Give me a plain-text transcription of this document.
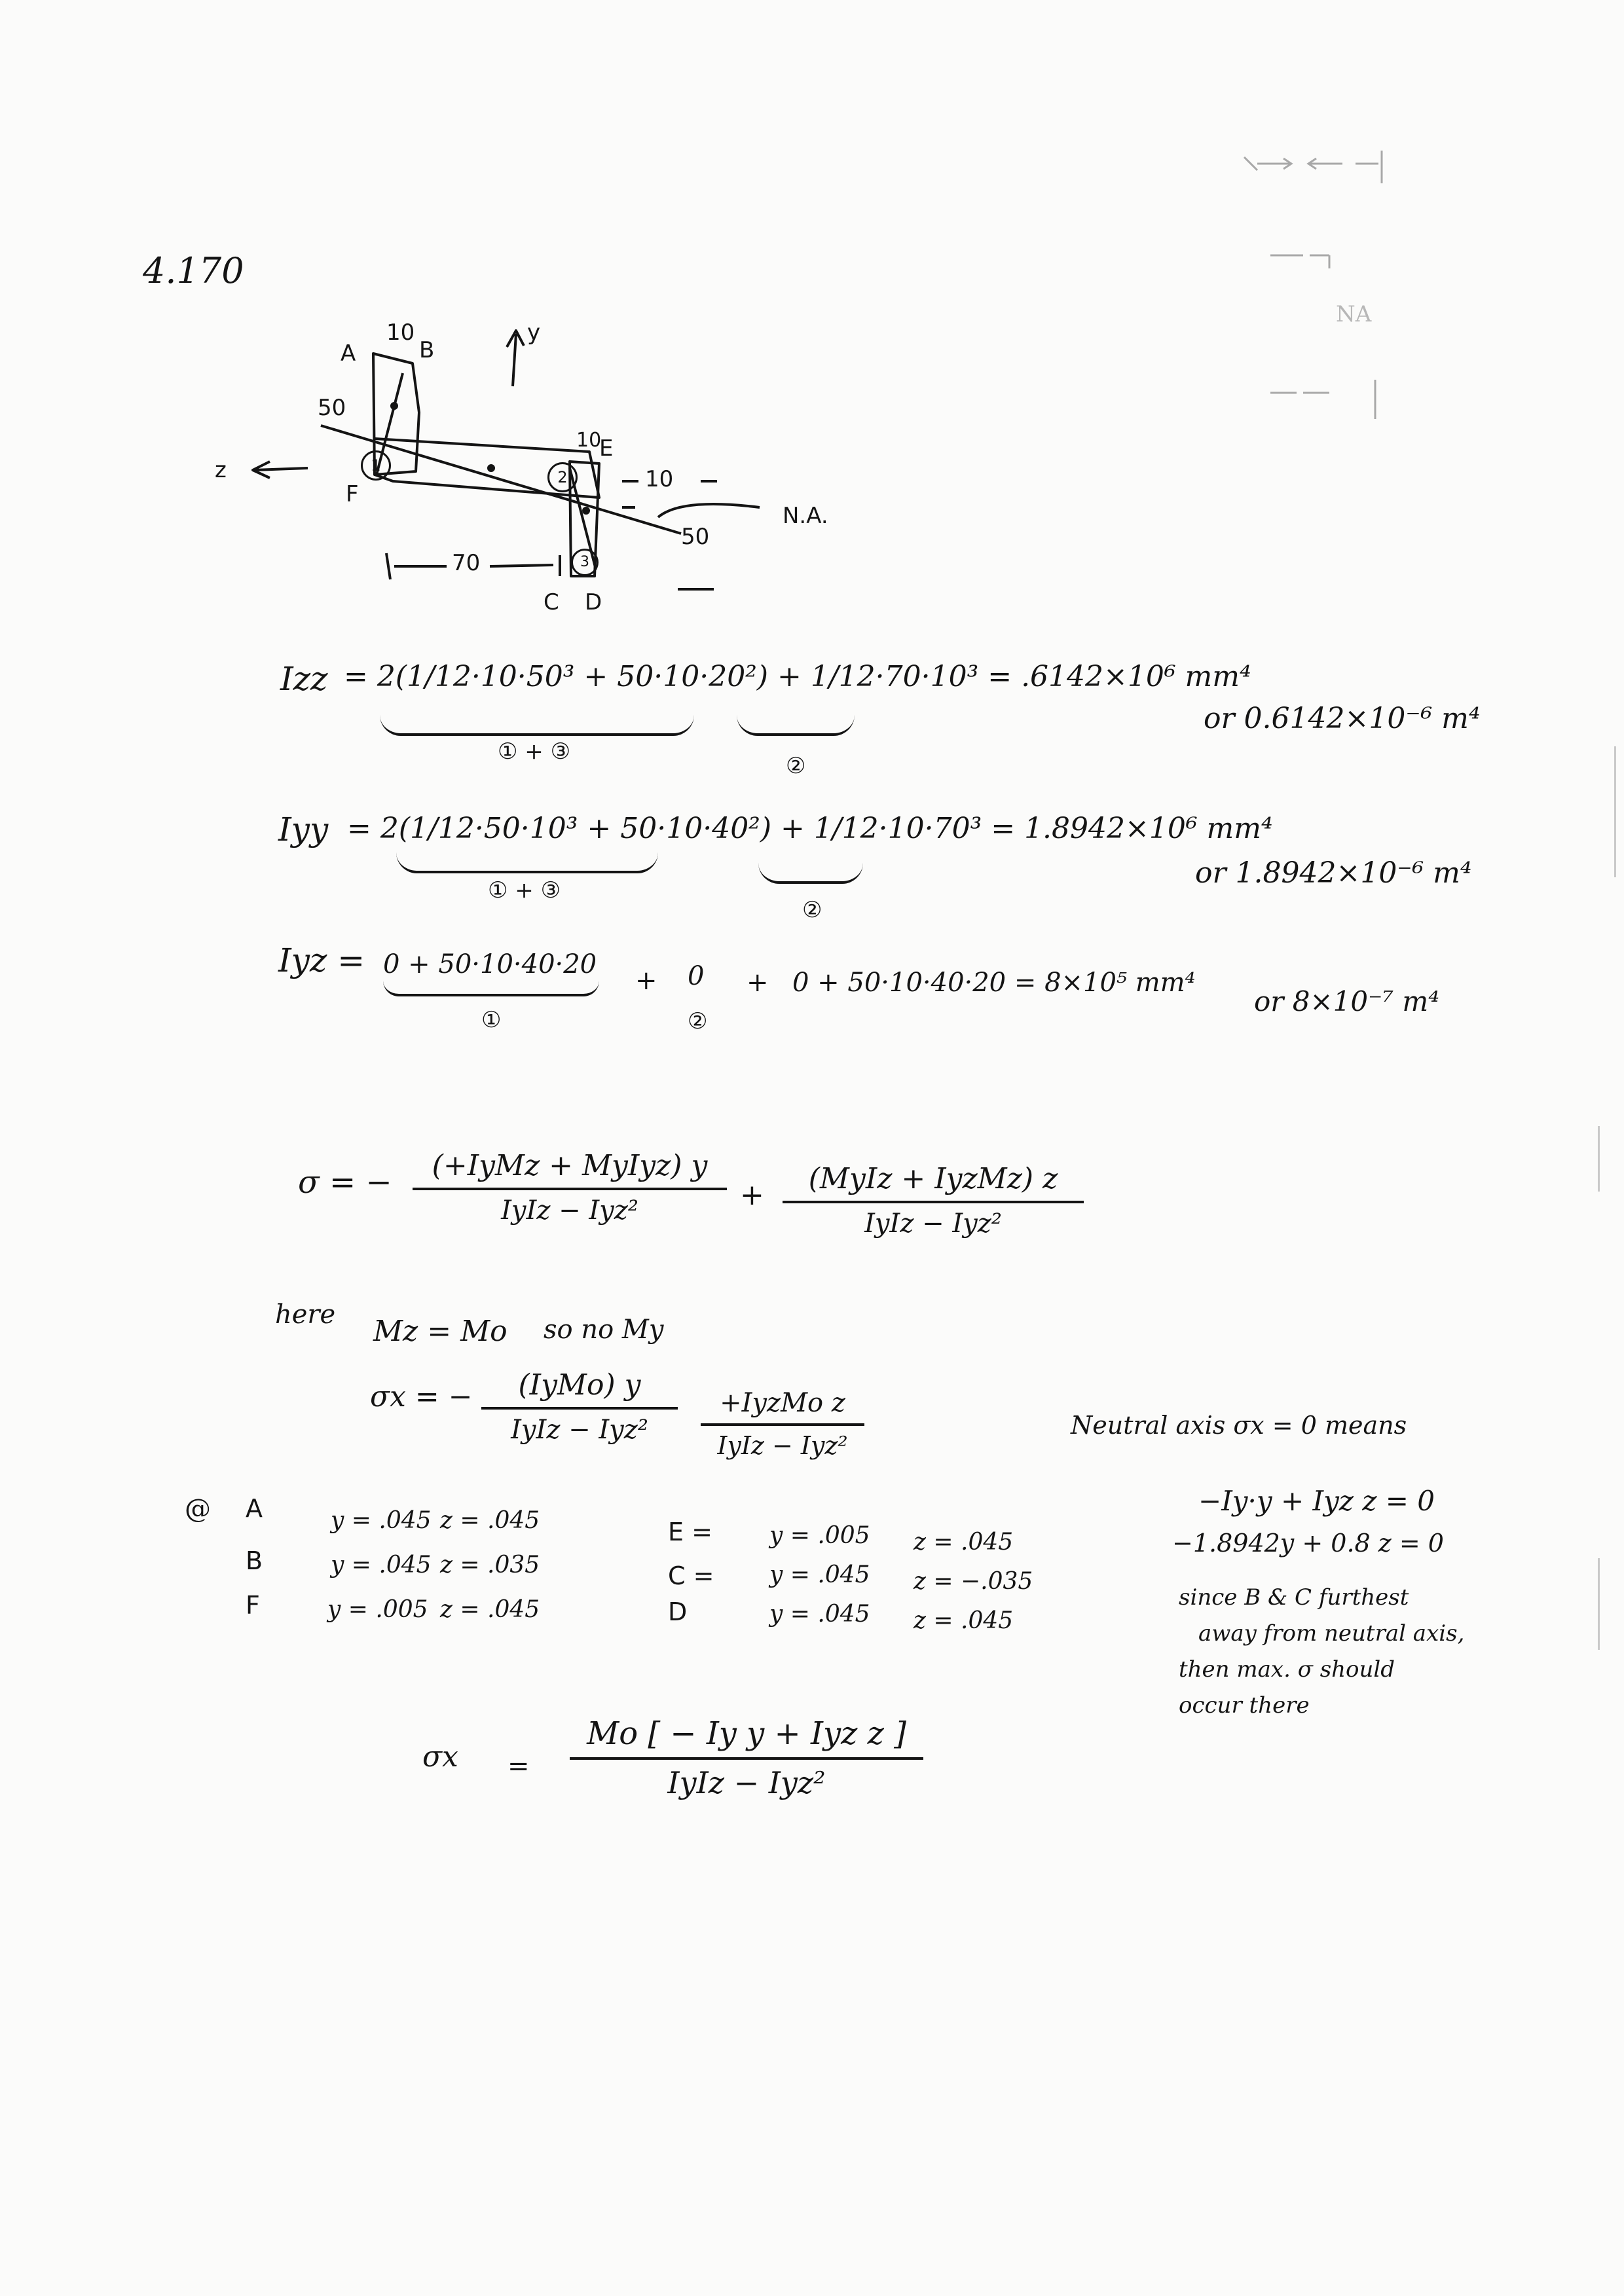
NA
4.170
A
10
B
y
50
z
F
1
2
3
10
E
10
N.A.
50
70
C D
Izz = 2(1/12·10·50³ + 50·10·20²) + 1/12·70·10³ = .6142×10⁶ mm⁴
or 0.6142×10⁻⁶ m⁴
① + ③
②
Iyy = 2(1/12·50·10³ + 50·10·40²) + 1/12·10·70³ = 1.8942×10⁶ mm⁴
or 1.8942×10⁻⁶ m⁴
① + ③
②
Iyz = 0 + 50·10·40·20
①
+ 0
②
+ 0 + 50·10·40·20 = 8×10⁵ mm⁴
or 8×10⁻⁷ m⁴
σ = −	(+IyMz + MyIyz) y
IyIz − Iyz²	+	(MyIz + IyzMz) z
IyIz − Iyz²
here Mz = Mo so no My
σx = −	(IyMo) y
IyIz − Iyz²
+IyzMo z
IyIz − Iyz²
Neutral axis σx = 0 means
−Iy·y + Iyz z = 0
−1.8942y + 0.8 z = 0
since B & C furthest
away from neutral axis,
then max. σ should
occur there
@ A	y = .045 z = .045
B	y = .045 z = .035
F	y = .005 z = .045
E = y = .005 z = .045
C = y = .045 z = −.035
D	y = .045 z = .045
σx =
Mo [ − Iy y + Iyz z ]
IyIz − Iyz²
